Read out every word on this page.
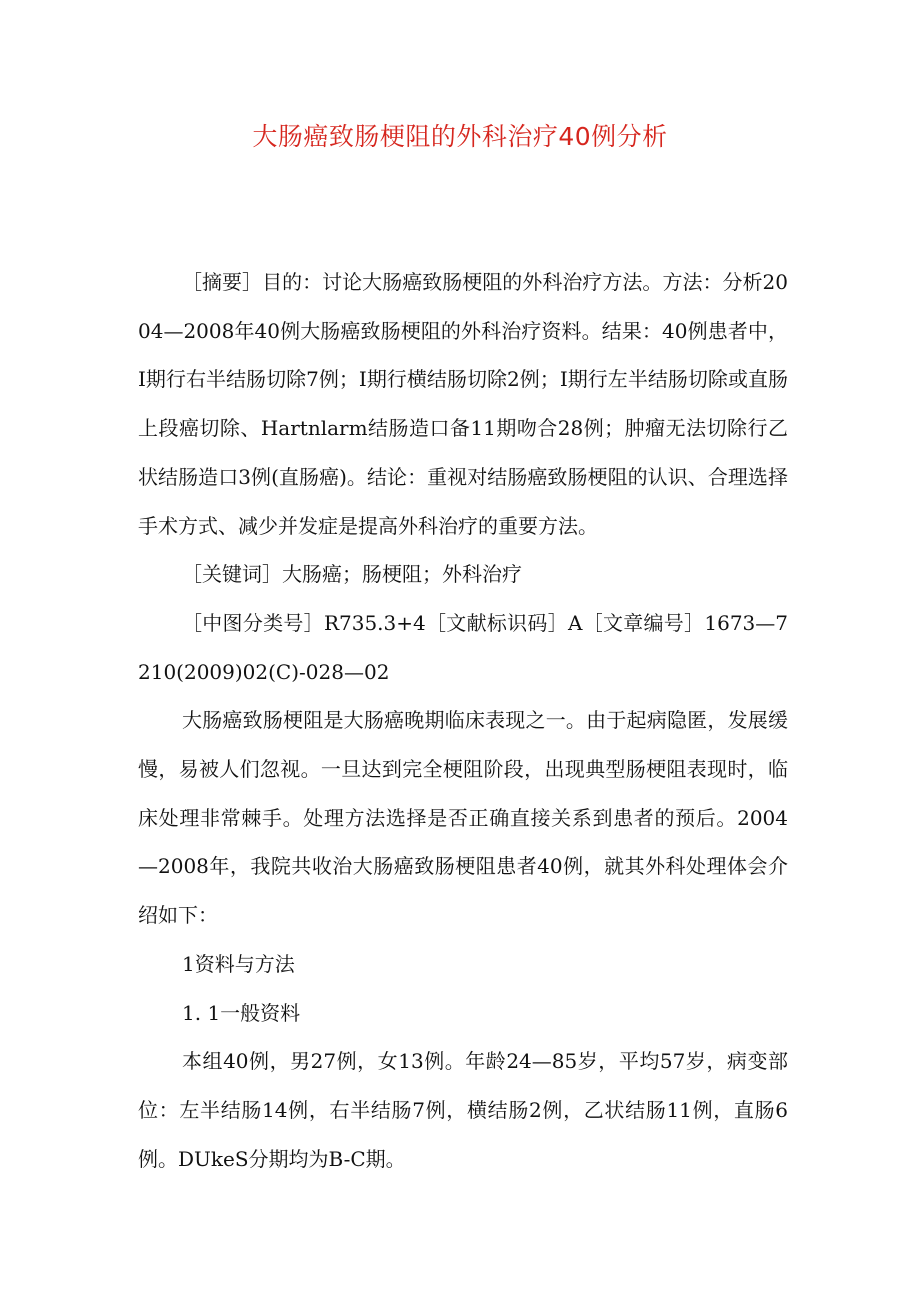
大肠癌致肠梗阻的外科治疗40例分析

［摘要］目的：讨论大肠癌致肠梗阻的外科治疗方法。方法：分析2004—2008年40例大肠癌致肠梗阻的外科治疗资料。结果：40例患者中，Ⅰ期行右半结肠切除7例；Ⅰ期行横结肠切除2例；Ⅰ期行左半结肠切除或直肠上段癌切除、Hartnlarm结肠造口备11期吻合28例；肿瘤无法切除行乙状结肠造口3例(直肠癌)。结论：重视对结肠癌致肠梗阻的认识、合理选择手术方式、减少并发症是提高外科治疗的重要方法。

［关键词］大肠癌；肠梗阻；外科治疗

［中图分类号］R735.3+4［文献标识码］A［文章编号］1673—7210(2009)02(C)-028—02

大肠癌致肠梗阻是大肠癌晚期临床表现之一。由于起病隐匿，发展缓慢，易被人们忽视。一旦达到完全梗阻阶段，出现典型肠梗阻表现时，临床处理非常棘手。处理方法选择是否正确直接关系到患者的预后。2004—2008年，我院共收治大肠癌致肠梗阻患者40例，就其外科处理体会介绍如下：

1资料与方法

1. 1一般资料

本组40例，男27例，女13例。年龄24—85岁，平均57岁，病变部位：左半结肠14例，右半结肠7例，横结肠2例，乙状结肠11例，直肠6例。DUkeS分期均为B-C期。
